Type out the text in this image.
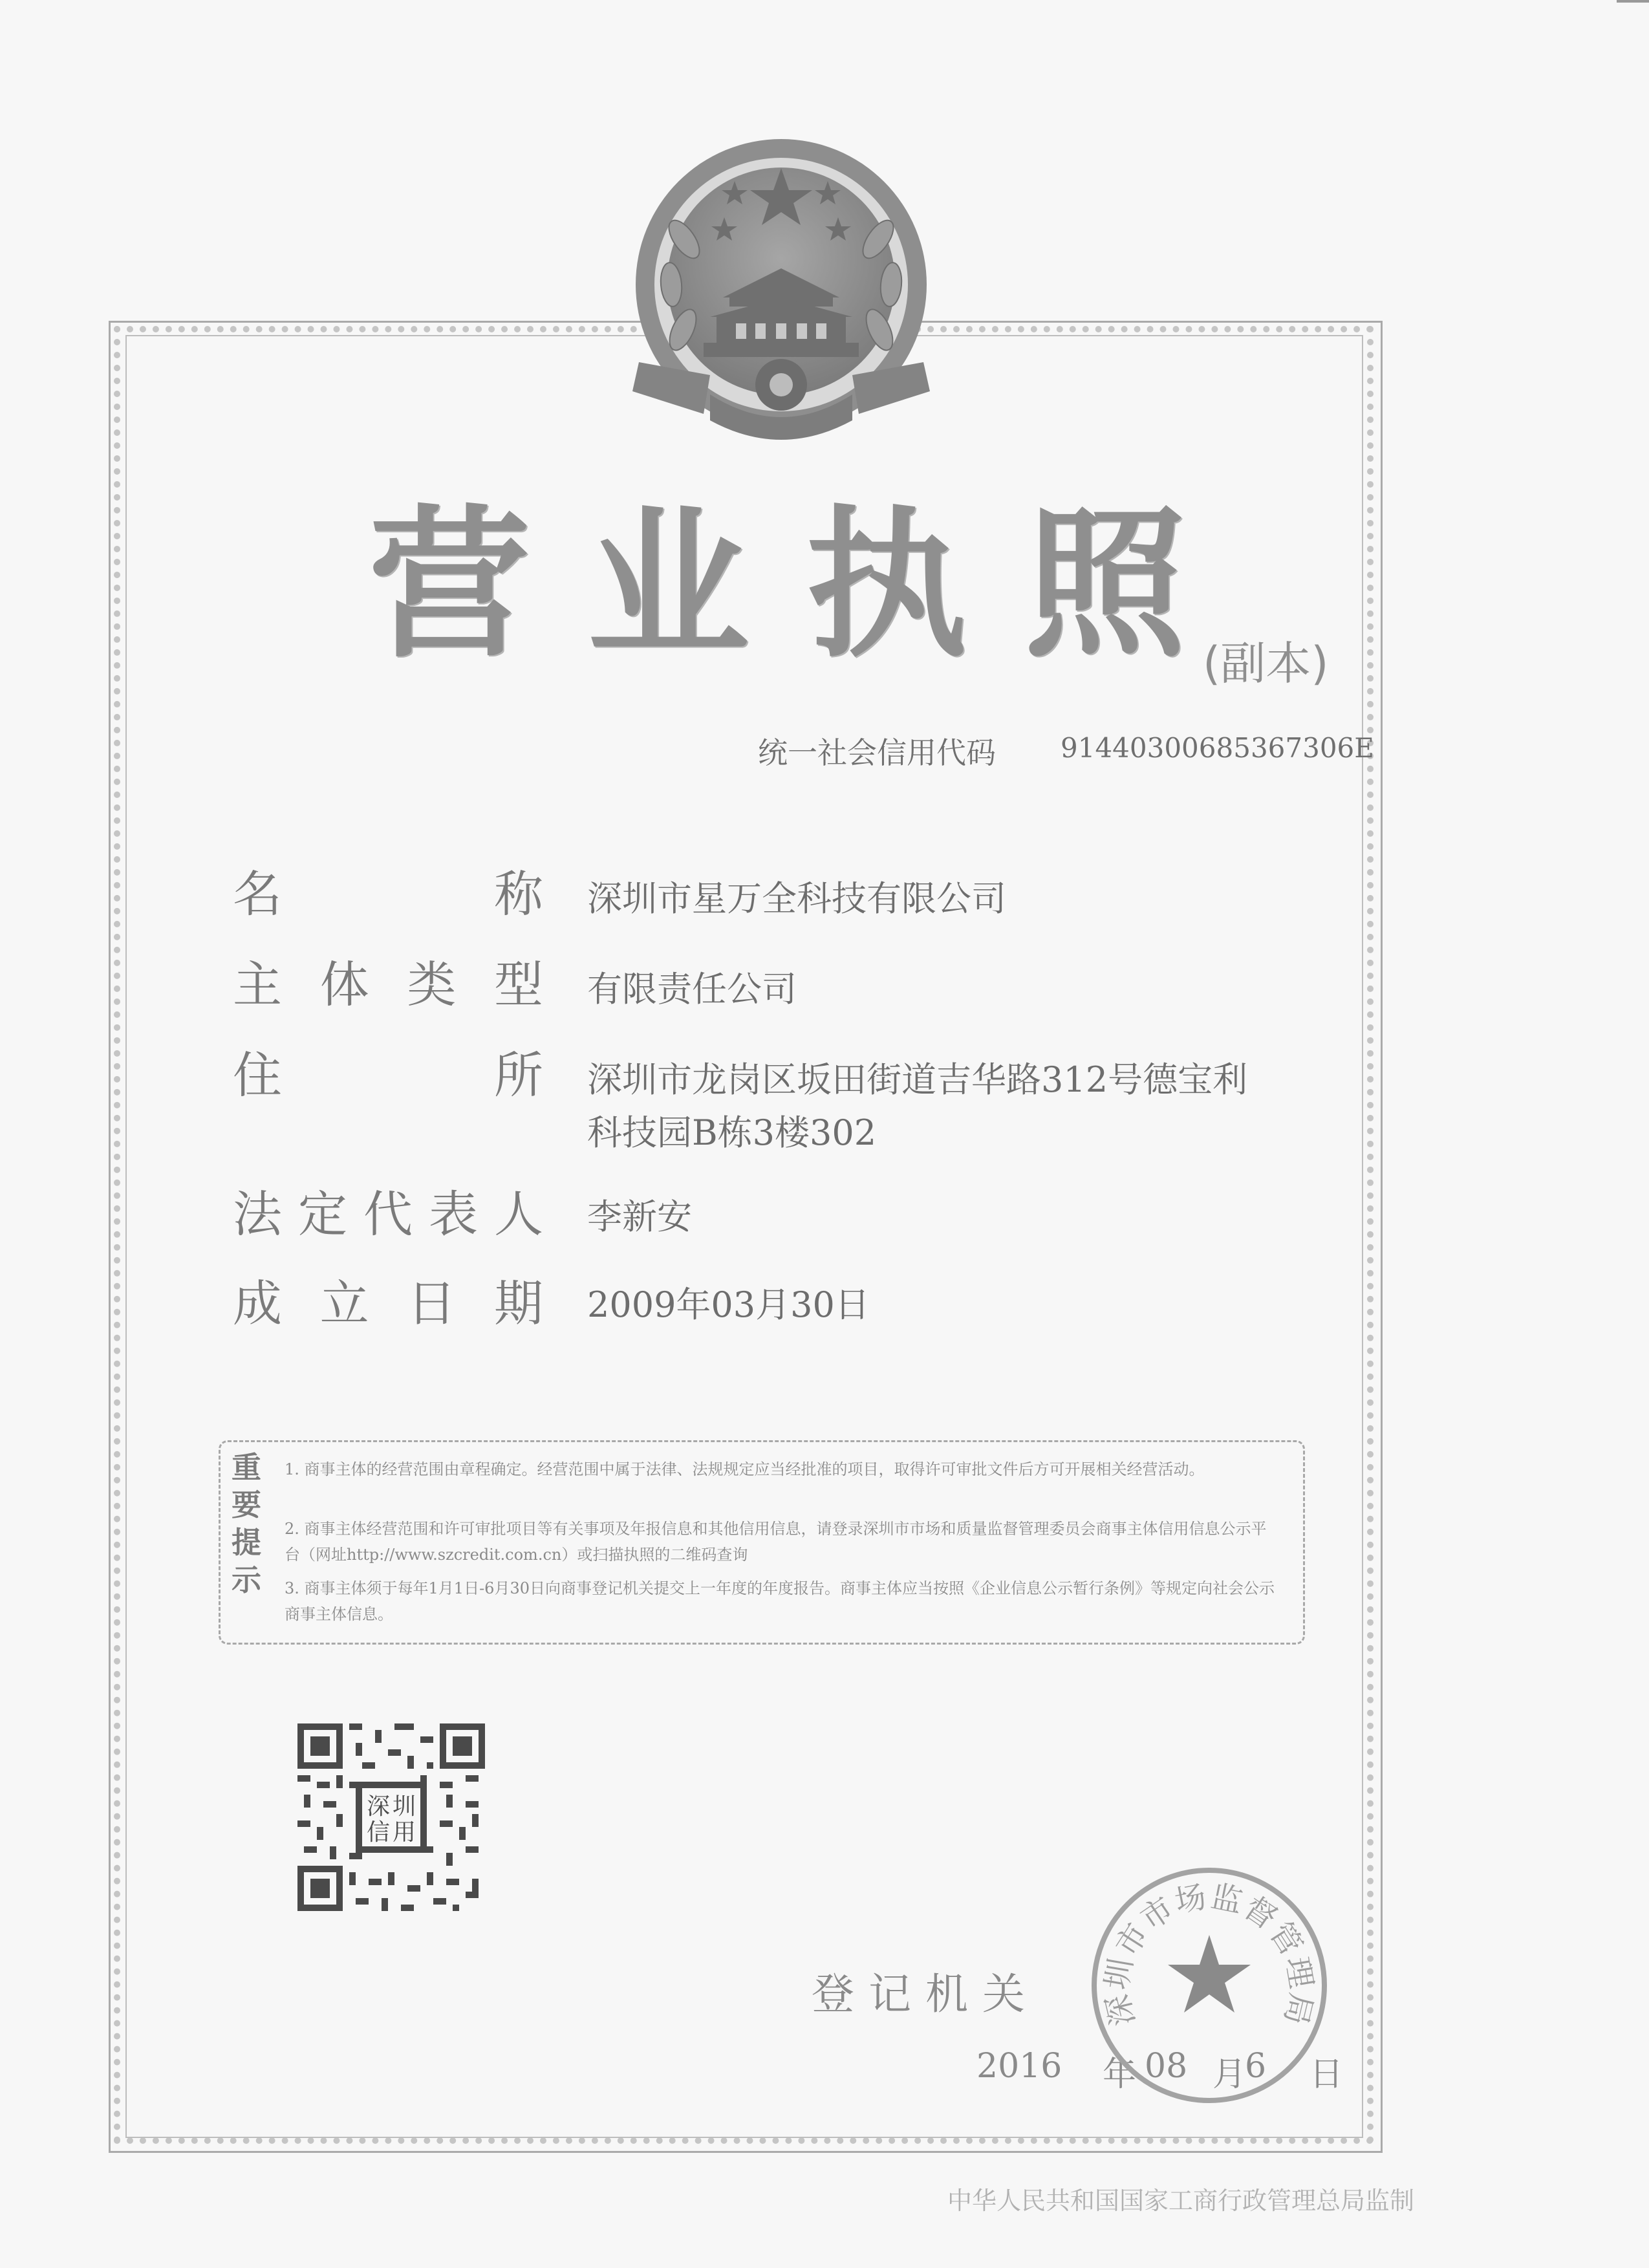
营业执照
(副本)
统一社会信用代码 91440300685367306E
名称 深圳市星万全科技有限公司
主体类型 有限责任公司
住所 深圳市龙岗区坂田街道吉华路312号德宝利
科技园B栋3楼302
法定代表人 李新安
成立日期 2009年03月30日
重
要
提
示
1. 商事主体的经营范围由章程确定。经营范围中属于法律、法规规定应当经批准的项目，取得许可审批文件后方可开展相关经营活动。
2. 商事主体经营范围和许可审批项目等有关事项及年报信息和其他信用信息，请登录深圳市市场和质量监督管理委员会商事主体信用信息公示平台（网址http://www.szcredit.com.cn）或扫描执照的二维码查询
3. 商事主体须于每年1月1日-6月30日向商事登记机关提交上一年度的年度报告。商事主体应当按照《企业信息公示暂行条例》等规定向社会公示商事主体信息。
深 圳
信 用
登记机关
2016 年 08 月
6 日
深圳市市场监督管理局
中华人民共和国国家工商行政管理总局监制
